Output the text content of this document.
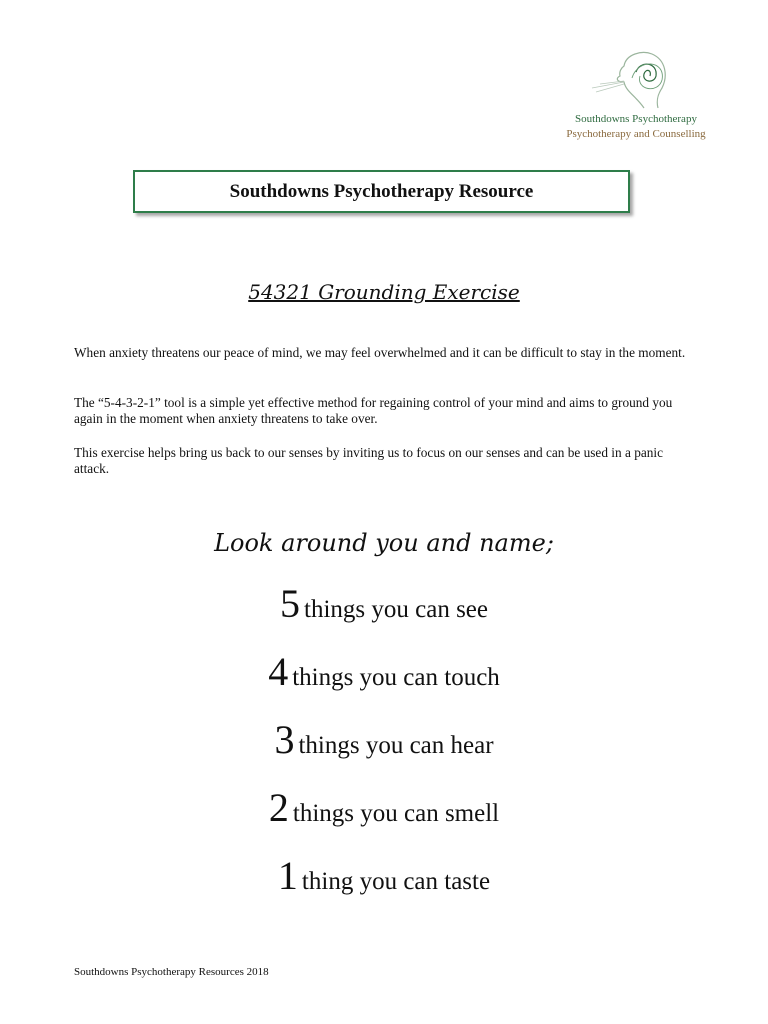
Southdowns Psychotherapy
Psychotherapy and Counselling
Southdowns Psychotherapy Resource
54321 Grounding Exercise

When anxiety threatens our peace of mind, we may feel overwhelmed and it can be difficult to stay in the moment.

The “5-4-3-2-1” tool is a simple yet effective method for regaining control of your mind and aims to ground you again in the moment when anxiety threatens to take over.

This exercise helps bring us back to our senses by inviting us to focus on our senses and can be used in a panic attack.

Look around you and name;
5 things you can see
4 things you can touch
3 things you can hear
2 things you can smell
1 thing you can taste
Southdowns Psychotherapy Resources 2018
